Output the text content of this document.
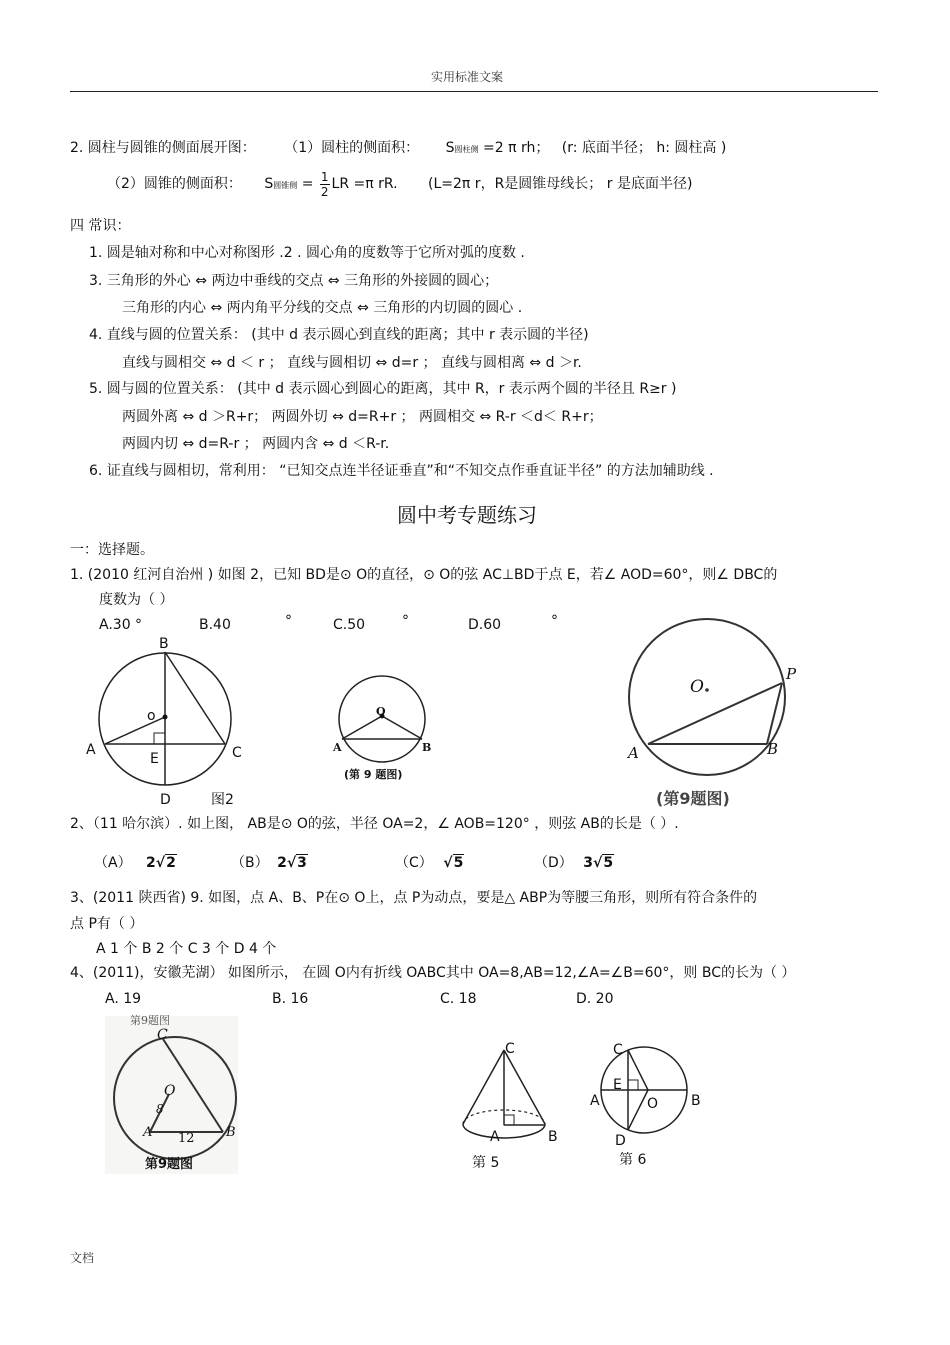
实用标准文案
2. 圆柱与圆锥的侧面展开图： （1）圆柱的侧面积： S圆柱侧 =2 π rh； (r: 底面半径； h: 圆柱高 )
（2）圆锥的侧面积： S圆锥侧 = $\frac{1}{2}$ LR =π rR. (L=2π r，R是圆锥母线长； r 是底面半径)
四 常识：
1. 圆是轴对称和中心对称图形 .2 . 圆心角的度数等于它所对弧的度数 .
3. 三角形的外心 ⇔ 两边中垂线的交点 ⇔ 三角形的外接圆的圆心；
三角形的内心 ⇔ 两内角平分线的交点 ⇔ 三角形的内切圆的圆心 .
4. 直线与圆的位置关系： (其中 d 表示圆心到直线的距离；其中 r 表示圆的半径)
直线与圆相交 ⇔ d ＜ r ； 直线与圆相切 ⇔ d=r ； 直线与圆相离 ⇔ d ＞r.
5. 圆与圆的位置关系： (其中 d 表示圆心到圆心的距离，其中 R，r 表示两个圆的半径且 R≥r )
两圆外离 ⇔ d ＞R+r； 两圆外切 ⇔ d=R+r ； 两圆相交 ⇔ R-r ＜d＜ R+r；
两圆内切 ⇔ d=R-r ； 两圆内含 ⇔ d ＜R-r.
6. 证直线与圆相切，常利用： “已知交点连半径证垂直”和“不知交点作垂直证半径” 的方法加辅助线 .
圆中考专题练习
一：选择题。
1. (2010 红河自治州 ) 如图 2，已知 BD是⊙ O的直径，⊙ O的弦 AC⊥BD于点 E，若∠ AOD=60°，则∠ DBC的
度数为（ ）
A.30 °	B.40	°	C.50	°	D.60	°
B
o
A
E	C
D	图2
O
A	B
(第 9 题图)
O
P
A	B
(第9题图)
2、（11 哈尔滨）. 如上图， AB是⊙ O的弦，半径 OA=2，∠ AOB=120° ，则弦 AB的长是（ ）.
（A） 2√2	（B） 2√3	（C） √5	（D） 3√5
3、(2011 陕西省) 9. 如图，点 A、B、P在⊙ O上，点 P为动点，要是△ ABP为等腰三角形，则所有符合条件的
点 P有（ ）
A 1 个 B 2 个 C 3 个 D 4 个
4、(2011)，安徽芜湖） 如图所示， 在圆 O内有折线 OABC其中 OA=8,AB=12,∠A=∠B=60°，则 BC的长为（ ）
A. 19	B. 16	C. 18	D. 20
第9题图
C
O
8
A 12 B
第9题图
C
A	B
第 5
C
E
A	O B
D
第 6
文档
